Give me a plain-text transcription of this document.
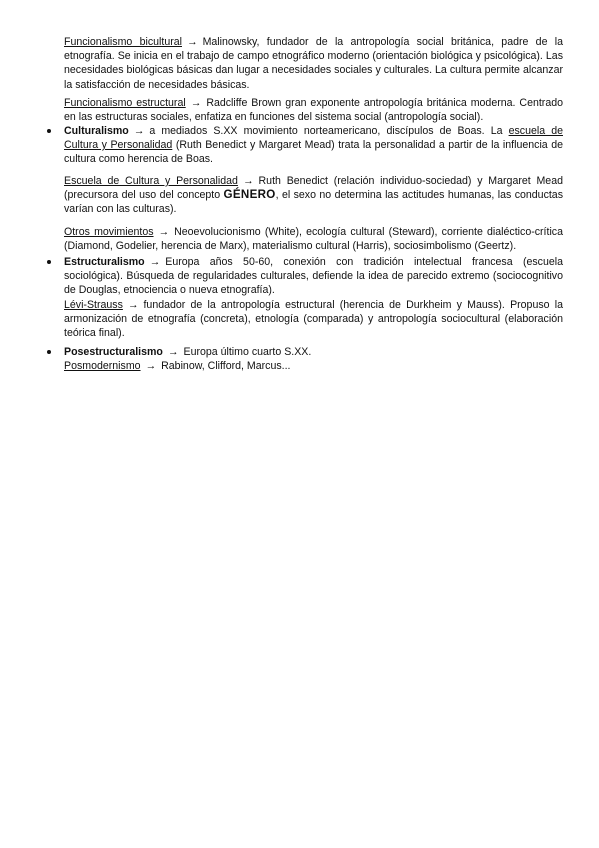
Funcionalismo bicultural → Malinowsky, fundador de la antropología social británica, padre de la etnografía. Se inicia en el trabajo de campo etnográfico moderno (orientación biológica y psicológica). Las necesidades biológicas básicas dan lugar a necesidades sociales y culturales. La cultura permite alcanzar la satisfacción de necesidades básicas.

Funcionalismo estructural → Radcliffe Brown gran exponente antropología británica moderna. Centrado en las estructuras sociales, enfatiza en funciones del sistema social (antropología social).

Culturalismo → a mediados S.XX movimiento norteamericano, discípulos de Boas. La escuela de Cultura y Personalidad (Ruth Benedict y Margaret Mead) trata la personalidad a partir de la influencia de cultura como herencia de Boas.

Escuela de Cultura y Personalidad → Ruth Benedict (relación individuo-sociedad) y Margaret Mead (precursora del uso del concepto GÉNERO, el sexo no determina las actitudes humanas, las conductas varían con las culturas).

Otros movimientos → Neoevolucionismo (White), ecología cultural (Steward), corriente dialéctico-crítica (Diamond, Godelier, herencia de Marx), materialismo cultural (Harris), sociosimbolismo (Geertz).

Estructuralismo → Europa años 50-60, conexión con tradición intelectual francesa (escuela sociológica). Búsqueda de regularidades culturales, defiende la idea de parecido extremo (sociocognitivo de Douglas, etnociencia o nueva etnografía).

Lévi-Strauss → fundador de la antropología estructural (herencia de Durkheim y Mauss). Propuso la armonización de etnografía (concreta), etnología (comparada) y antropología sociocultural (elaboración teórica final).

Posestructuralismo → Europa último cuarto S.XX.

Posmodernismo → Rabinow, Clifford, Marcus...
